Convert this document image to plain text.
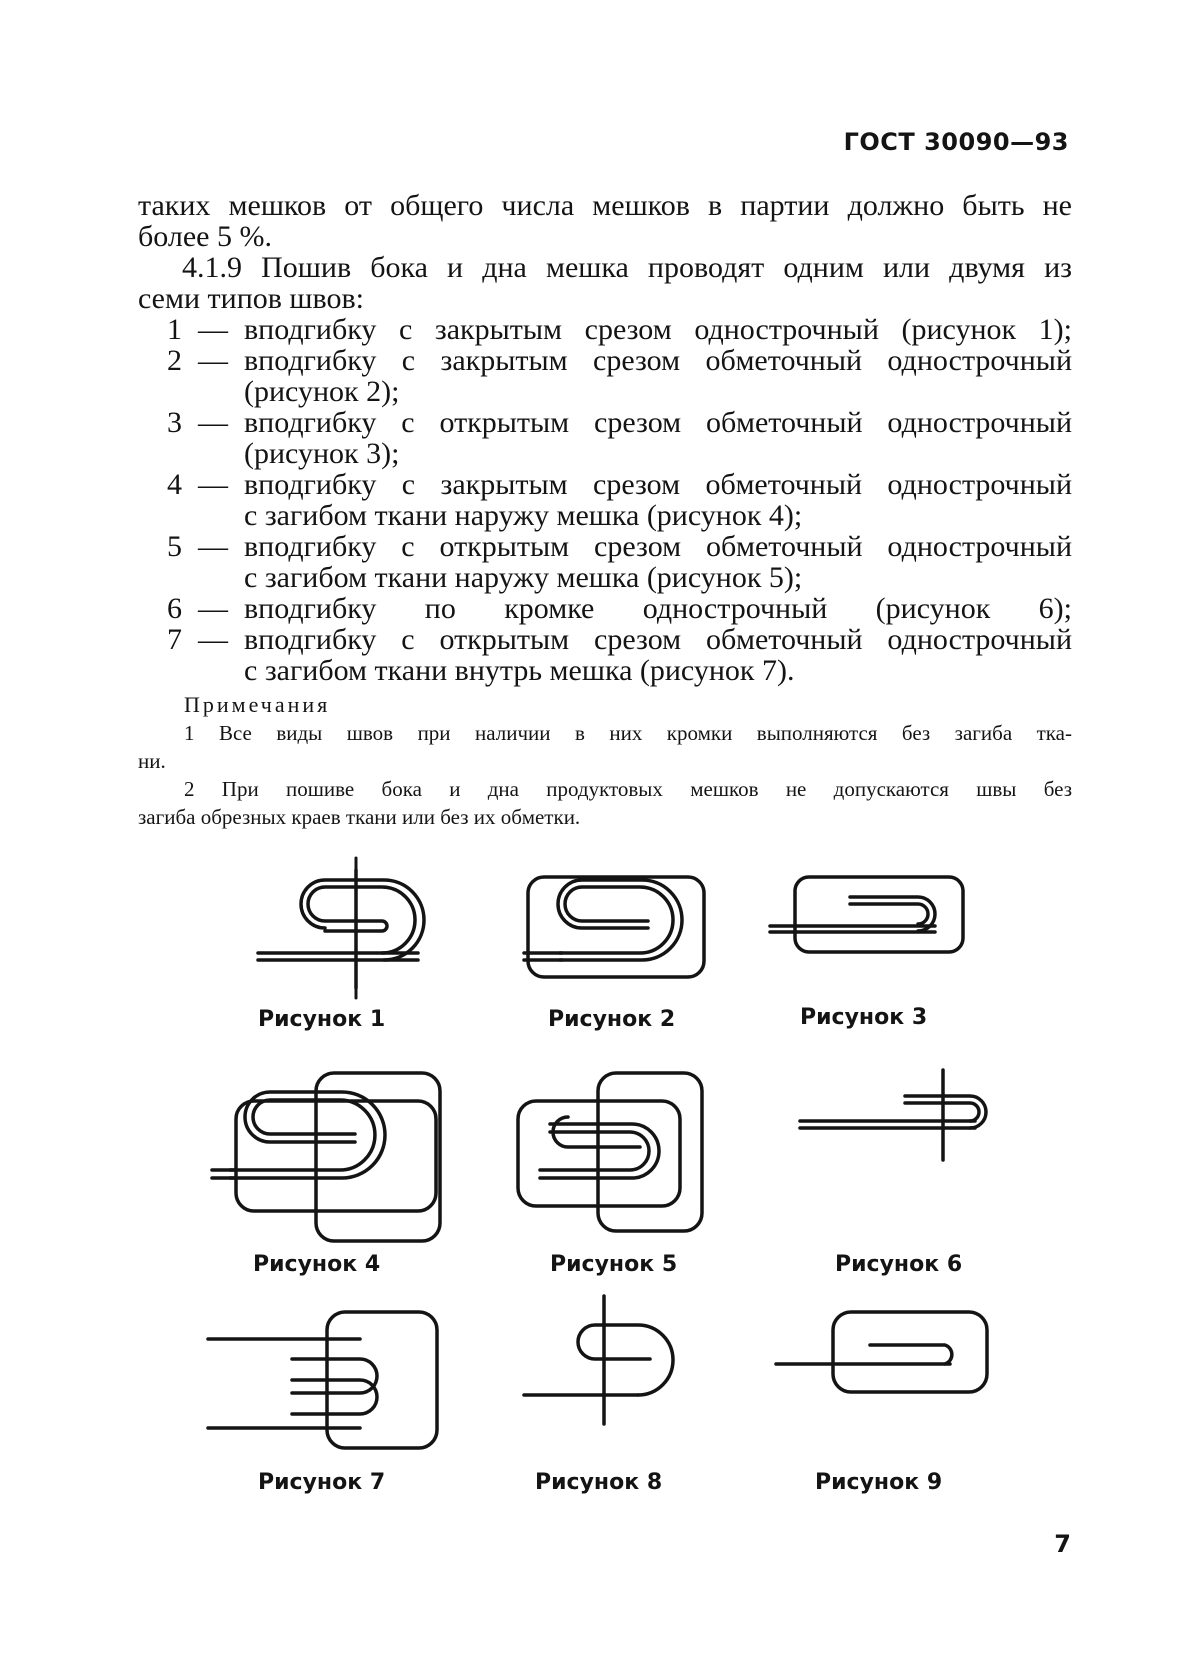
ГОСТ 30090—93

таких мешков от общего числа мешков в партии должно быть не

более 5 %.

4.1.9 Пошив бока и дна мешка проводят одним или двумя из

семи типов швов:

1 — вподгибку с закрытым срезом однострочный (рисунок 1);
2 — вподгибку с закрытым срезом обметочный однострочный
(рисунок 2);
3 — вподгибку с открытым срезом обметочный однострочный
(рисунок 3);
4 — вподгибку с закрытым срезом обметочный однострочный
с загибом ткани наружу мешка (рисунок 4);
5 — вподгибку с открытым срезом обметочный однострочный
с загибом ткани наружу мешка (рисунок 5);
6 — вподгибку по кромке однострочный (рисунок 6);
7 — вподгибку с открытым срезом обметочный однострочный
с загибом ткани внутрь мешка (рисунок 7).
Примечания

1 Все виды швов при наличии в них кромки выполняются без загиба тка-

ни.

2 При пошиве бока и дна продуктовых мешков не допускаются швы без

загиба обрезных краев ткани или без их обметки.

Рисунок 1	Рисунок 2	Рисунок 3
Рисунок 4	Рисунок 5	Рисунок 6
Рисунок 7	Рисунок 8	Рисунок 9
7
